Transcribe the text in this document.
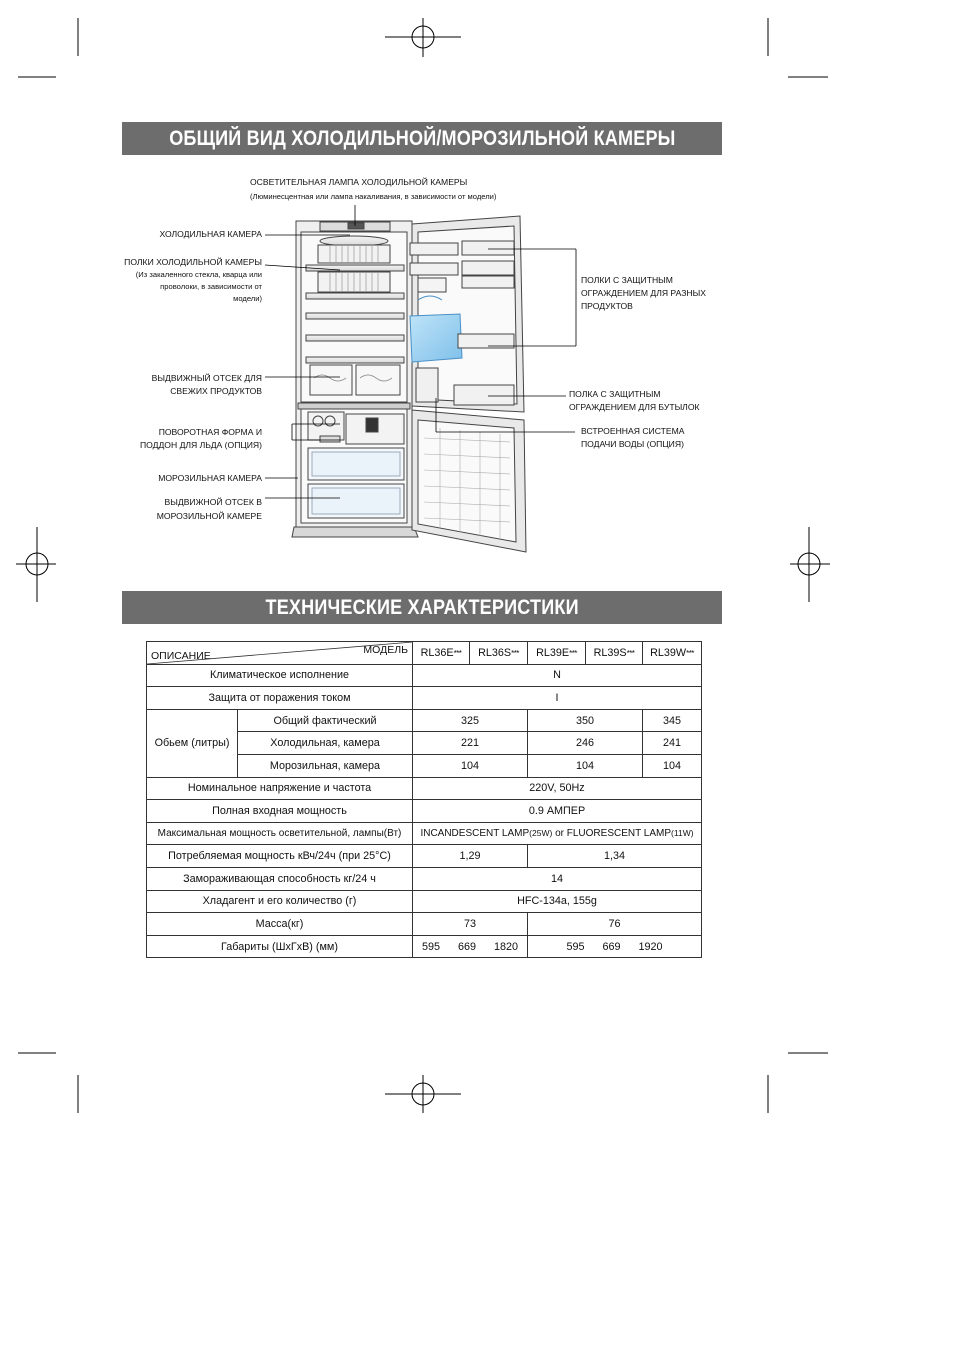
ОБЩИЙ ВИД ХОЛОДИЛЬНОЙ/МОРОЗИЛЬНОЙ КАМЕРЫ
ОСВЕТИТЕЛЬНАЯ ЛАМПА ХОЛОДИЛЬНОЙ КАМЕРЫ
(Люминесцентная или лампа накаливания, в зависимости от модели)
ХОЛОДИЛЬНАЯ КАМЕРА
ПОЛКИ ХОЛОДИЛЬНОЙ КАМЕРЫ
(Из закаленного стекла, кварца или
проволоки, в зависимости от
модели)
ВЫДВИЖНЫЙ ОТСЕК ДЛЯ
СВЕЖИХ ПРОДУКТОВ
ПОВОРОТНАЯ ФОРМА И
ПОДДОН ДЛЯ ЛЬДА (ОПЦИЯ)
МОРОЗИЛЬНАЯ КАМЕРА
ВЫДВИЖНОЙ ОТСЕК В
МОРОЗИЛЬНОЙ КАМЕРЕ
ПОЛКИ С ЗАЩИТНЫМ
ОГРАЖДЕНИЕМ ДЛЯ РАЗНЫХ
ПРОДУКТОВ
ПОЛКА С ЗАЩИТНЫМ
ОГРАЖДЕНИЕМ ДЛЯ БУТЫЛОК
ВСТРОЕННАЯ СИСТЕМА
ПОДАЧИ ВОДЫ (ОПЦИЯ)
ТЕХНИЧЕСКИЕ ХАРАКТЕРИСТИКИ
МОДЕЛЬ
ОПИСАНИЕ		RL36E***	RL36S***	RL39E***	RL39S***	RL39W***
Климатическое исполнение		N				
Защита от поражения током		I				
Обьем (литры)	Общий фактический	325		350		345
	Холодильная, камера	221		246		241
	Морозильная, камера	104		104		104
Номинальное напряжение и частота		220V, 50Hz				
Полная входная мощность		0.9 АМПЕР				
Максимальная мощность осветительной, лампы(Вт)		INCANDESCENT LAMP(25W) or FLUORESCENT LAMP(11W)				
Потребляемая мощность кВч/24ч (при 25°C)		1,29		1,34		
Замораживающая способность кг/24 ч		14				
Хладагент и его количество (г)		HFC-134a, 155g				
Масса(кг)		73		76		
Габариты (ШхГхВ) (мм)		595 669 1820		595 669 1920		
